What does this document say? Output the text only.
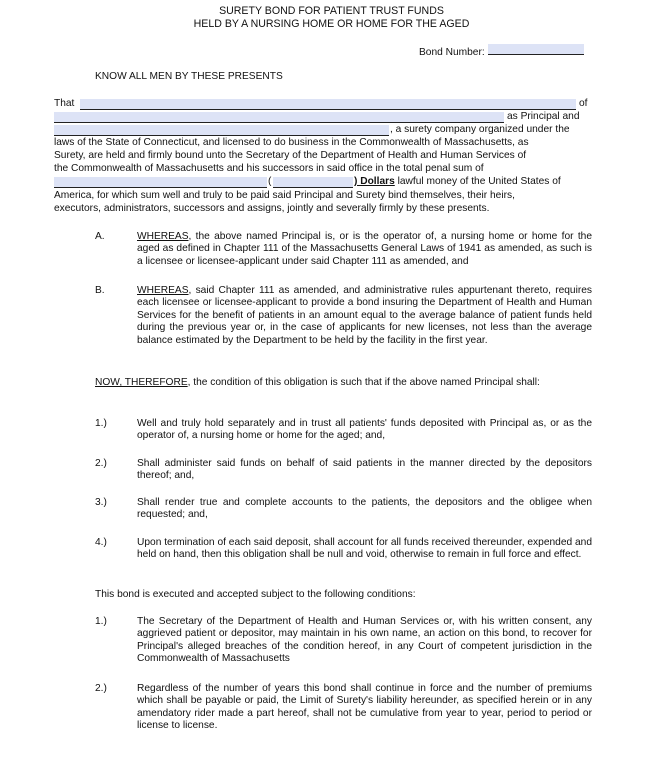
SURETY BOND FOR PATIENT TRUST FUNDS
HELD BY A NURSING HOME OR HOME FOR THE AGED
Bond Number:
KNOW ALL MEN BY THESE PRESENTS
That	of
as Principal and
, a surety company organized under the
laws of the State of Connecticut, and licensed to do business in the Commonwealth of Massachusetts, as
Surety, are held and firmly bound unto the Secretary of the Department of Health and Human Services of
the Commonwealth of Massachusetts and his successors in said office in the total penal sum of
(	) Dollars lawful money of the United States of
America, for which sum well and truly to be paid said Principal and Surety bind themselves, their heirs,
executors, administrators, successors and assigns, jointly and severally firmly by these presents.
A.	WHEREAS, the above named Principal is, or is the operator of, a nursing home or home for the aged as defined in Chapter 111 of the Massachusetts General Laws of 1941 as amended, as such is a licensee or licensee-applicant under said Chapter 111 as amended, and
B.	WHEREAS, said Chapter 111 as amended, and administrative rules appurtenant thereto, requires each licensee or licensee-applicant to provide a bond insuring the Department of Health and Human Services for the benefit of patients in an amount equal to the average balance of patient funds held during the previous year or, in the case of applicants for new licenses, not less than the average balance estimated by the Department to be held by the facility in the first year.
NOW, THEREFORE, the condition of this obligation is such that if the above named Principal shall:
1.)	Well and truly hold separately and in trust all patients' funds deposited with Principal as, or as the operator of, a nursing home or home for the aged; and,
2.)	Shall administer said funds on behalf of said patients in the manner directed by the depositors thereof; and,
3.)	Shall render true and complete accounts to the patients, the depositors and the obligee when requested; and,
4.)	Upon termination of each said deposit, shall account for all funds received thereunder, expended and held on hand, then this obligation shall be null and void, otherwise to remain in full force and effect.
This bond is executed and accepted subject to the following conditions:
1.)	The Secretary of the Department of Health and Human Services or, with his written consent, any aggrieved patient or depositor, may maintain in his own name, an action on this bond, to recover for Principal's alleged breaches of the condition hereof, in any Court of competent jurisdiction in the Commonwealth of Massachusetts
2.)	Regardless of the number of years this bond shall continue in force and the number of premiums which shall be payable or paid, the Limit of Surety's liability hereunder, as specified herein or in any amendatory rider made a part hereof, shall not be cumulative from year to year, period to period or license to license.
